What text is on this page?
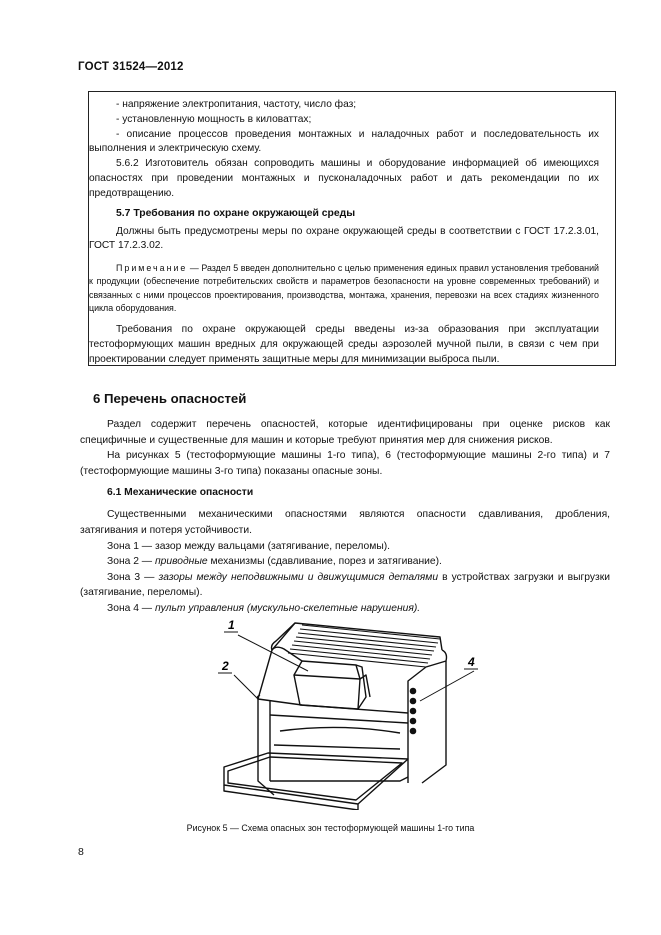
ГОСТ 31524—2012

- напряжение электропитания, частоту, число фаз;

- установленную мощность в киловаттах;

- описание процессов проведения монтажных и наладочных работ и последовательность их выполнения и электрическую схему.

5.6.2 Изготовитель обязан сопроводить машины и оборудование информацией об имеющихся опасностях при проведении монтажных и пусконаладочных работ и дать рекомендации по их предотвращению.

5.7 Требования по охране окружающей среды

Должны быть предусмотрены меры по охране окружающей среды в соответствии с ГОСТ 17.2.3.01, ГОСТ 17.2.3.02.

Примечание — Раздел 5 введен дополнительно с целью применения единых правил установления требований к продукции (обеспечение потребительских свойств и параметров безопасности на уровне современных требований) и связанных с ними процессов проектирования, производства, монтажа, хранения, перевозки на всех стадиях жизненного цикла оборудования.

Требования по охране окружающей среды введены из-за образования при эксплуатации тестоформующих машин вредных для окружающей среды аэрозолей мучной пыли, в связи с чем при проектировании следует применять защитные меры для минимизации выброса пыли.

6 Перечень опасностей

Раздел содержит перечень опасностей, которые идентифицированы при оценке рисков как специфичные и существенные для машин и которые требуют принятия мер для снижения рисков.

На рисунках 5 (тестоформующие машины 1-го типа), 6 (тестоформующие машины 2-го типа) и 7 (тестоформующие машины 3-го типа) показаны опасные зоны.

6.1 Механические опасности

Существенными механическими опасностями являются опасности сдавливания, дробления, затягивания и потеря устойчивости.

Зона 1 — зазор между вальцами (затягивание, переломы).

Зона 2 — приводные механизмы (сдавливание, порез и затягивание).

Зона 3 — зазоры между неподвижными и движущимися деталями в устройствах загрузки и выгрузки (затягивание, переломы).

Зона 4 — пульт управления (мускульно-скелетные нарушения).

1
2	4
Рисунок 5 — Схема опасных зон тестоформующей машины 1-го типа
8
